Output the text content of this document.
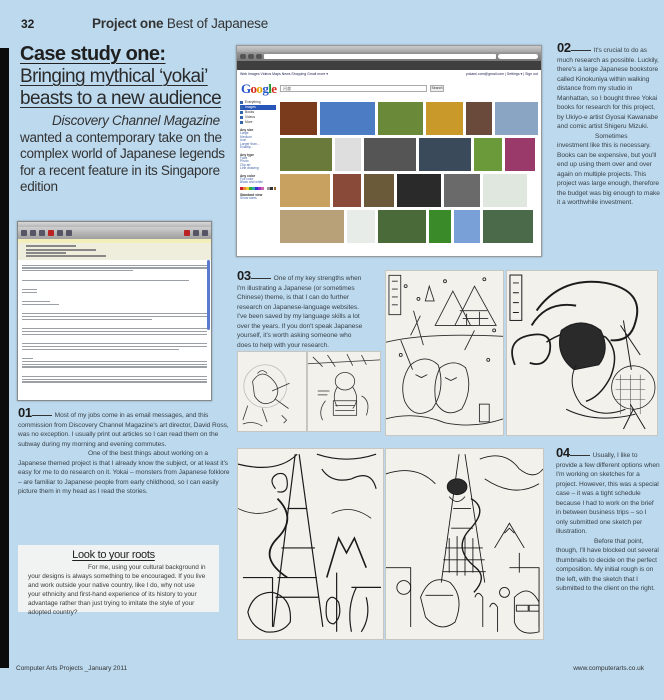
32	Project one Best of Japanese
Case study one:
Bringing mythical ‘yokai’ beasts to a new audience
Discovery Channel Magazine wanted a contemporary take on the complex world of Japanese legends for a recent feature in its Singapore edition
Web Images Videos Maps News Shopping Gmail more ▾	yokami.com@gmail.com | Settings ▾ | Sign out
Google	河童	Search
Everything
Images
Books
Videos
More
Any size
Large
Medium
Icon
Larger than...
Exactly...
Any type
Face
Photo
Clip art
Line drawing
Any color
Full color
Black and white
Standard view
Show sizes
02	It's crucial to do as much research as possible. Luckily, there's a large Japanese bookstore called Kinokuniya within walking distance from my studio in Manhattan, so I bought three Yokai books for research for this project, by Ukiyo-e artist Gyosai Kawanabe and comic artist Shigeru Mizuki.
Sometimes investment like this is necessary. Books can be expensive, but you'll end up using them over and over again on multiple projects. This project was large enough, therefore the budget was big enough to make it a worthwhile investment.
03	One of my key strengths when I'm illustrating a Japanese (or sometimes Chinese) theme, is that I can do further research on Japanese-language websites. I've been saved by my language skills a lot over the years. If you don't speak Japanese yourself, it's worth asking someone who does to help with your research.
01	Most of my jobs come in as email messages, and this commission from Discovery Channel Magazine's art director, David Ross, was no exception. I usually print out articles so I can read them on the subway during my morning and evening commutes.
One of the best things about working on a Japanese themed project is that I already know the subject, or at least it's easy for me to do research on it. Yokai – monsters from Japanese folklore – are familiar to Japanese people from early childhood, so I can easily picture them in my head as I read the stories.
04	Usually, I like to provide a few different options when I'm working on sketches for a project. However, this was a special case – it was a tight schedule because I had to work on the brief in between business trips – so I only submitted one sketch per illustration.
Before that point, though, I'll have blocked out several thumbnails to decide on the perfect composition. My initial rough is on the left, with the sketch that I submitted to the client on the right.
Look to your roots

For me, using your cultural background in your designs is always something to be encouraged. If you live and work outside your native country, like I do, why not use your ethnicity and first-hand experience of its history to your advantage rather than just trying to imitate the style of your adopted country?

Computer Arts Projects _January 2011	www.computerarts.co.uk
